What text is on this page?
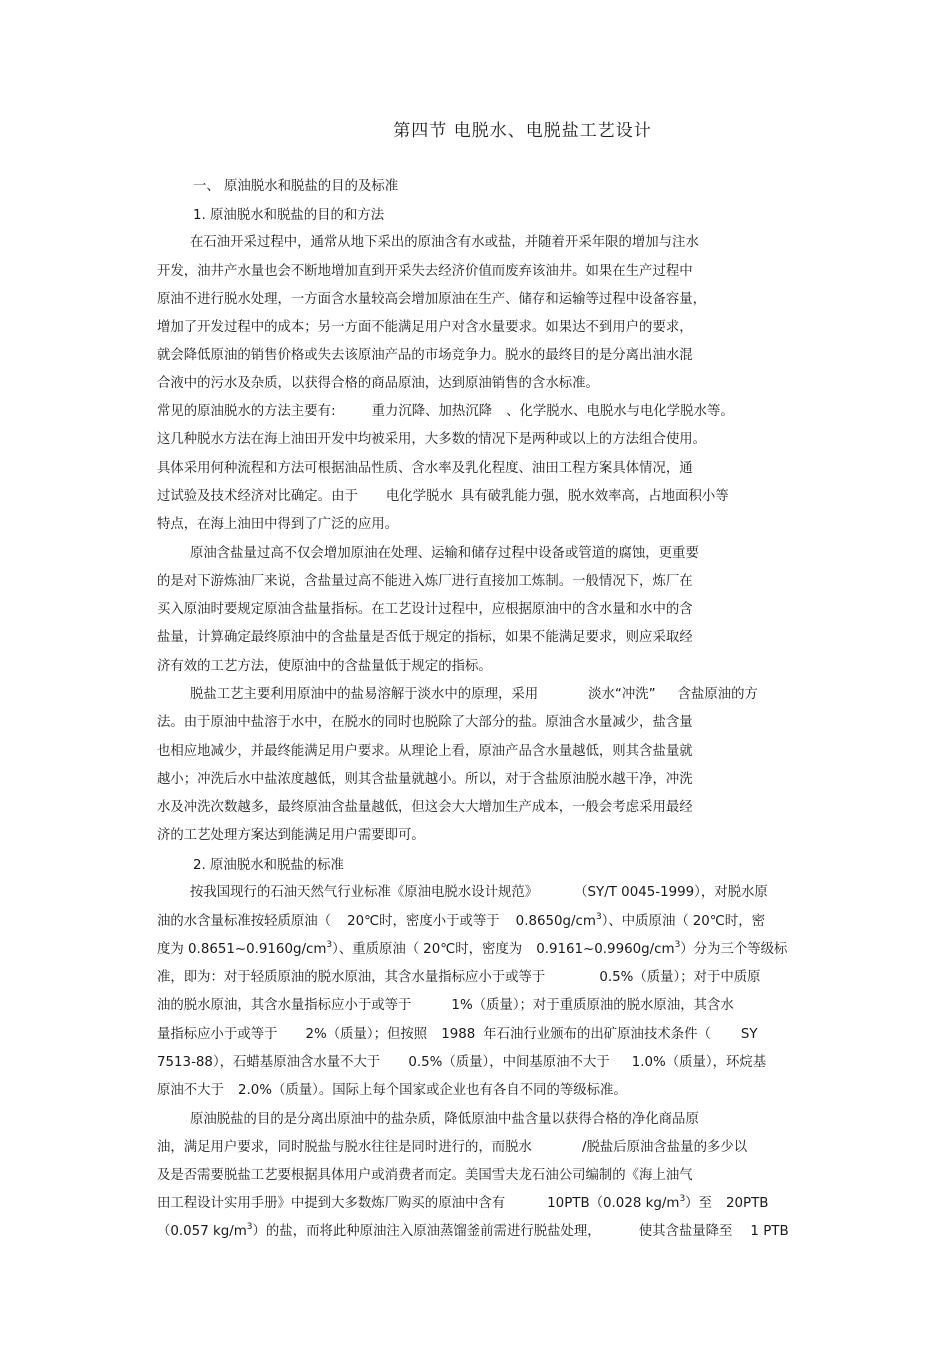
第四节 电脱水、电脱盐工艺设计
一、 原油脱水和脱盐的目的及标准
1. 原油脱水和脱盐的目的和方法
在石油开采过程中，通常从地下采出的原油含有水或盐，并随着开采年限的增加与注水
开发，油井产水量也会不断地增加直到开采失去经济价值而废弃该油井。如果在生产过程中
原油不进行脱水处理，一方面含水量较高会增加原油在生产、储存和运输等过程中设备容量，
增加了开发过程中的成本；另一方面不能满足用户对含水量要求。如果达不到用户的要求，
就会降低原油的销售价格或失去该原油产品的市场竞争力。脱水的最终目的是分离出油水混
合液中的污水及杂质，以获得合格的商品原油，达到原油销售的含水标准。
常见的原油脱水的方法主要有:	重力沉降、加热沉降 、化学脱水、电脱水与电化学脱水等。
这几种脱水方法在海上油田开发中均被采用，大多数的情况下是两种或以上的方法组合使用。
具体采用何种流程和方法可根据油品性质、含水率及乳化程度、油田工程方案具体情况，通
过试验及技术经济对比确定。由于 电化学脱水 具有破乳能力强，脱水效率高，占地面积小等
特点，在海上油田中得到了广泛的应用。
原油含盐量过高不仅会增加原油在处理、运输和储存过程中设备或管道的腐蚀，更重要
的是对下游炼油厂来说，含盐量过高不能进入炼厂进行直接加工炼制。一般情况下，炼厂在
买入原油时要规定原油含盐量指标。在工艺设计过程中，应根据原油中的含水量和水中的含
盐量，计算确定最终原油中的含盐量是否低于规定的指标，如果不能满足要求，则应采取经
济有效的工艺方法，使原油中的含盐量低于规定的指标。
脱盐工艺主要利用原油中的盐易溶解于淡水中的原理，采用	淡水“冲洗” 含盐原油的方
法。由于原油中盐溶于水中，在脱水的同时也脱除了大部分的盐。原油含水量减少，盐含量
也相应地减少，并最终能满足用户要求。从理论上看，原油产品含水量越低，则其含盐量就
越小；冲洗后水中盐浓度越低，则其含盐量就越小。所以，对于含盐原油脱水越干净，冲洗
水及冲洗次数越多，最终原油含盐量越低，但这会大大增加生产成本，一般会考虑采用最经
济的工艺处理方案达到能满足用户需要即可。
2. 原油脱水和脱盐的标准
按我国现行的石油天然气行业标准《原油电脱水设计规范》	（SY/T 0045-1999），对脱水原
油的水含量标准按轻质原油（ 20℃时，密度小于或等于 $0.8650g/cm^3$）、中质原油（ 20℃时，密
度为 $0.8651\sim 0.9160g/cm^3$）、重质原油（ 20℃时，密度为 $0.9161\sim 0.9960g/cm^3$）分为三个等级标
准，即为：对于轻质原油的脱水原油，其含水量指标应小于或等于	0.5%（质量）；对于中质原
油的脱水原油，其含水量指标应小于或等于	1%（质量）；对于重质原油的脱水原油，其含水
量指标应小于或等于 2%（质量）；但按照 1988 年石油行业颁布的出矿原油技术条件（ SY
7513-88），石蜡基原油含水量不大于 0.5%（质量），中间基原油不大于 1.0%（质量），环烷基
原油不大于 2.0%（质量）。国际上每个国家或企业也有各自不同的等级标准。
原油脱盐的目的是分离出原油中的盐杂质，降低原油中盐含量以获得合格的净化商品原
油，满足用户要求，同时脱盐与脱水往往是同时进行的，而脱水	/脱盐后原油含盐量的多少以
及是否需要脱盐工艺要根据具体用户或消费者而定。美国雪夫龙石油公司编制的《海上油气
田工程设计实用手册》中提到大多数炼厂购买的原油中含有	10PTB（0.028 $kg/m^3$）至 20PTB
（0.057 $kg/m^3$）的盐，而将此种原油注入原油蒸馏釜前需进行脱盐处理，	使其含盐量降至 1 PTB
